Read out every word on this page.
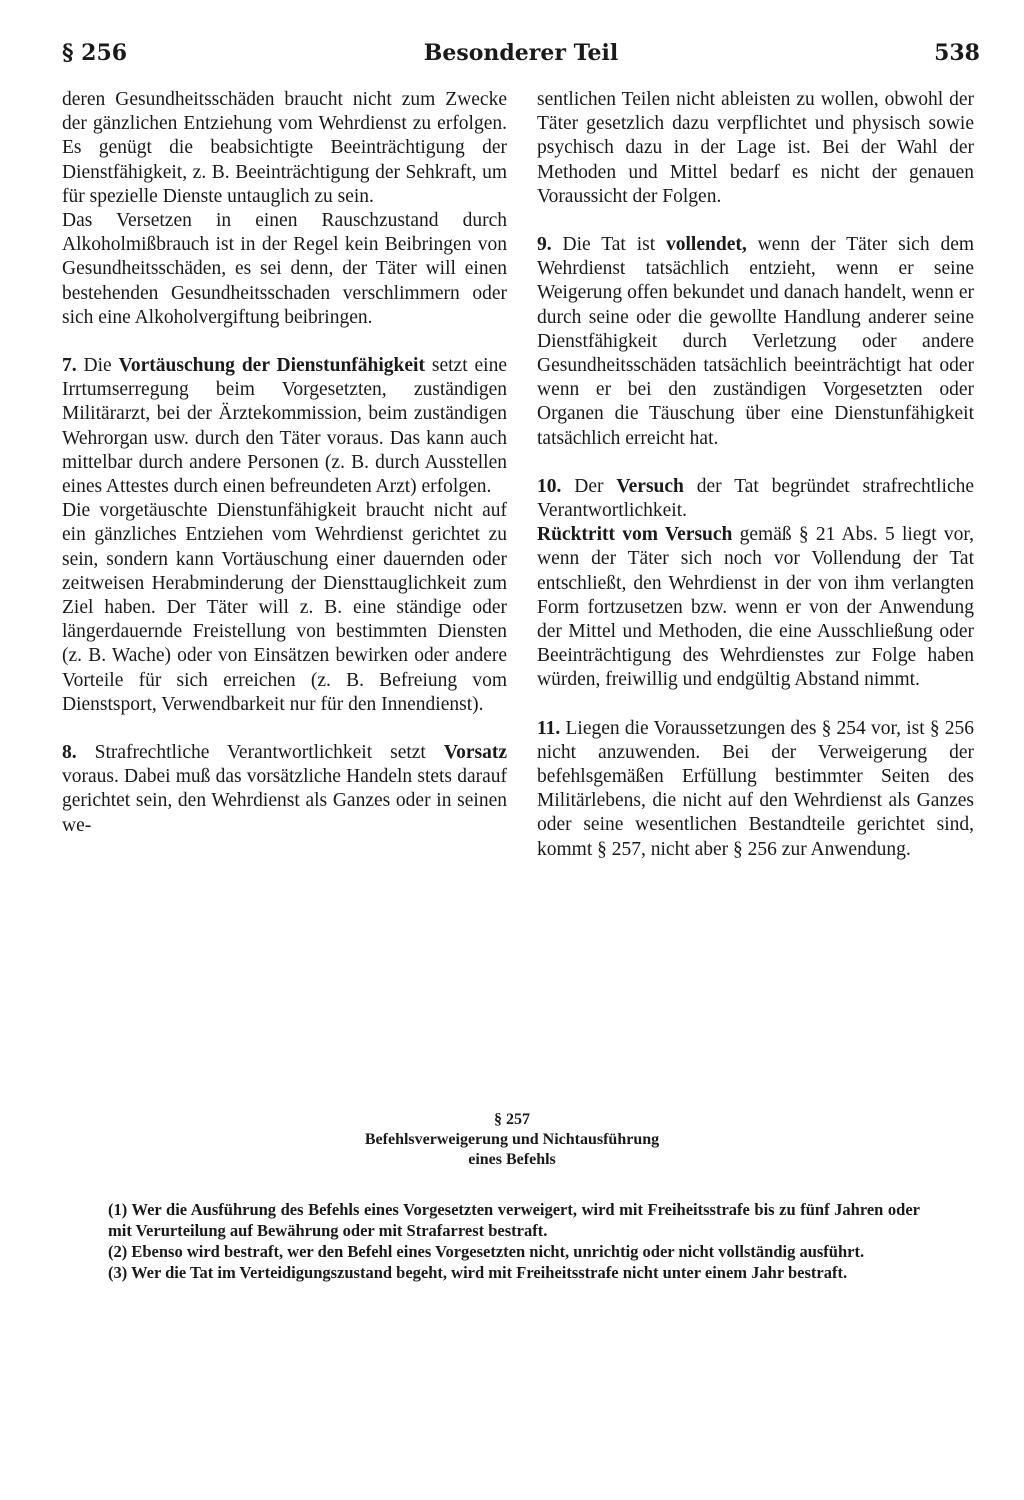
§ 256	Besonderer Teil	538

deren Gesundheitsschäden braucht nicht zum Zwecke der gänzlichen Entziehung vom Wehrdienst zu erfolgen. Es genügt die beabsichtigte Beeinträchtigung der Dienstfähigkeit, z. B. Beeinträchtigung der Sehkraft, um für spezielle Dienste untauglich zu sein.

Das Versetzen in einen Rauschzustand durch Alkoholmißbrauch ist in der Regel kein Beibringen von Gesundheitsschäden, es sei denn, der Täter will einen bestehenden Gesundheitsschaden verschlimmern oder sich eine Alkoholvergiftung beibringen.

7. Die Vortäuschung der Dienstunfähigkeit setzt eine Irrtumserregung beim Vorgesetzten, zuständigen Militärarzt, bei der Ärztekommission, beim zuständigen Wehrorgan usw. durch den Täter voraus. Das kann auch mittelbar durch andere Personen (z. B. durch Ausstellen eines Attestes durch einen befreundeten Arzt) erfolgen.

Die vorgetäuschte Dienstunfähigkeit braucht nicht auf ein gänzliches Entziehen vom Wehrdienst gerichtet zu sein, sondern kann Vortäuschung einer dauernden oder zeitweisen Herabminderung der Diensttauglichkeit zum Ziel haben. Der Täter will z. B. eine ständige oder längerdauernde Freistellung von bestimmten Diensten (z. B. Wache) oder von Einsätzen bewirken oder andere Vorteile für sich erreichen (z. B. Befreiung vom Dienstsport, Verwendbarkeit nur für den Innendienst).

8. Strafrechtliche Verantwortlichkeit setzt Vorsatz voraus. Dabei muß das vorsätzliche Handeln stets darauf gerichtet sein, den Wehrdienst als Ganzes oder in seinen we-

sentlichen Teilen nicht ableisten zu wollen, obwohl der Täter gesetzlich dazu verpflichtet und physisch sowie psychisch dazu in der Lage ist. Bei der Wahl der Methoden und Mittel bedarf es nicht der genauen Voraussicht der Folgen.

9. Die Tat ist vollendet, wenn der Täter sich dem Wehrdienst tatsächlich entzieht, wenn er seine Weigerung offen bekundet und danach handelt, wenn er durch seine oder die gewollte Handlung anderer seine Dienstfähigkeit durch Verletzung oder andere Gesundheitsschäden tatsächlich beeinträchtigt hat oder wenn er bei den zuständigen Vorgesetzten oder Organen die Täuschung über eine Dienstunfähigkeit tatsächlich erreicht hat.

10. Der Versuch der Tat begründet strafrechtliche Verantwortlichkeit.

Rücktritt vom Versuch gemäß § 21 Abs. 5 liegt vor, wenn der Täter sich noch vor Vollendung der Tat entschließt, den Wehrdienst in der von ihm verlangten Form fortzusetzen bzw. wenn er von der Anwendung der Mittel und Methoden, die eine Ausschließung oder Beeinträchtigung des Wehrdienstes zur Folge haben würden, freiwillig und endgültig Abstand nimmt.

11. Liegen die Voraussetzungen des § 254 vor, ist § 256 nicht anzuwenden. Bei der Verweigerung der befehlsgemäßen Erfüllung bestimmter Seiten des Militärlebens, die nicht auf den Wehrdienst als Ganzes oder seine wesentlichen Bestandteile gerichtet sind, kommt § 257, nicht aber § 256 zur Anwendung.

§ 257
Befehlsverweigerung und Nichtausführung
eines Befehls

(1) Wer die Ausführung des Befehls eines Vorgesetzten verweigert, wird mit Freiheitsstrafe bis zu fünf Jahren oder mit Verurteilung auf Bewährung oder mit Strafarrest bestraft.

(2) Ebenso wird bestraft, wer den Befehl eines Vorgesetzten nicht, unrichtig oder nicht vollständig ausführt.

(3) Wer die Tat im Verteidigungszustand begeht, wird mit Freiheitsstrafe nicht unter einem Jahr bestraft.
